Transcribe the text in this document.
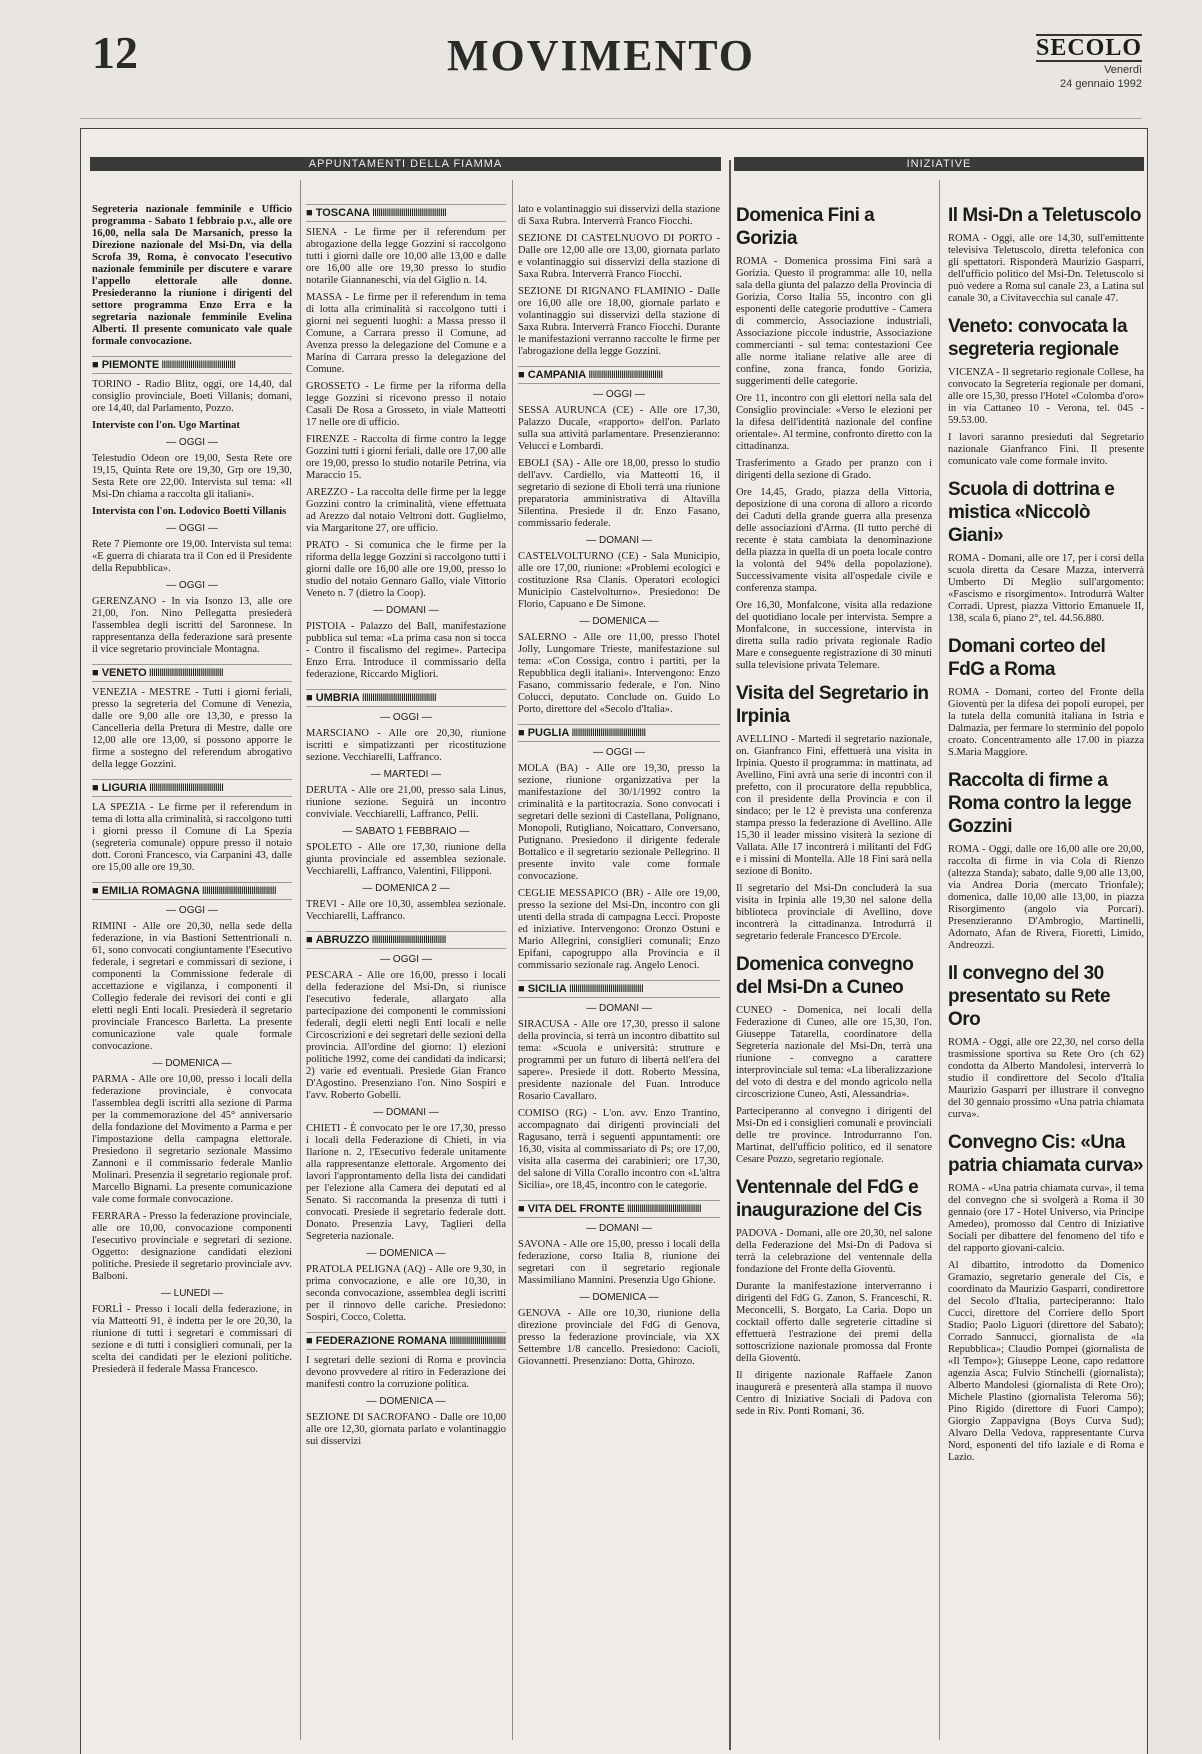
12	MOVIMENTO	SECOLO
Venerdì
24 gennaio 1992
APPUNTAMENTI DELLA FIAMMA	INIZIATIVE

Segreteria nazionale femminile e Ufficio programma - Sabato 1 febbraio p.v., alle ore 16,00, nella sala De Marsanich, presso la Direzione nazionale del Msi-Dn, via della Scrofa 39, Roma, è convocato l'esecutivo nazionale femminile per discutere e varare l'appello elettorale alle donne. Presiederanno la riunione i dirigenti del settore programma Enzo Erra e la segretaria nazionale femminile Evelina Alberti. Il presente comunicato vale quale formale convocazione.

■ PIEMONTE IIIIIIIIIIIIIIIIIIIIIIIIIIIIIIIIIIII

TORINO - Radio Blitz, oggi, ore 14,40, dal consiglio provinciale, Boeti Villanis; domani, ore 14,40, dal Parlamento, Pozzo.

Interviste con l'on. Ugo Martinat

— OGGI —

Telestudio Odeon ore 19,00, Sesta Rete ore 19,15, Quinta Rete ore 19,30, Grp ore 19,30, Sesta Rete ore 22,00. Intervista sul tema: «Il Msi-Dn chiama a raccolta gli italiani».

Intervista con l'on. Lodovico Boetti Villanis

— OGGI —

Rete 7 Piemonte ore 19,00. Intervista sul tema: «E guerra di chiarata tra il Con ed il Presidente della Repubblica».

— OGGI —

GERENZANO - In via Isonzo 13, alle ore 21,00, l'on. Nino Pellegatta presiederà l'assemblea degli iscritti del Saronnese. In rappresentanza della federazione sarà presente il vice segretario provinciale Montagna.

■ VENETO IIIIIIIIIIIIIIIIIIIIIIIIIIIIIIIIIIII

VENEZIA - MESTRE - Tutti i giorni feriali, presso la segreteria del Comune di Venezia, dalle ore 9,00 alle ore 13,30, e presso la Cancelleria della Pretura di Mestre, dalle ore 12,00 alle ore 13,00, si possono apporre le firme a sostegno del referendum abrogativo della legge Gozzini.

■ LIGURIA IIIIIIIIIIIIIIIIIIIIIIIIIIIIIIIIIIII

LA SPEZIA - Le firme per il referendum in tema di lotta alla criminalità, si raccolgono tutti i giorni presso il Comune di La Spezia (segreteria comunale) oppure presso il notaio dott. Coroni Francesco, via Carpanini 43, dalle ore 15,00 alle ore 19,30.

■ EMILIA ROMAGNA IIIIIIIIIIIIIIIIIIIIIIIIIIIIIIIIIIII
— OGGI —

RIMINI - Alle ore 20,30, nella sede della federazione, in via Bastioni Settentrionali n. 61, sono convocati congiuntamente l'Esecutivo federale, i segretari e commissari di sezione, i componenti la Commissione federale di accettazione e vigilanza, i componenti il Collegio federale dei revisori dei conti e gli eletti negli Enti locali. Presiederà il segretario provinciale Francesco Barletta. La presente comunicazione vale quale formale convocazione.

— DOMENICA —

PARMA - Alle ore 10,00, presso i locali della federazione provinciale, è convocata l'assemblea degli iscritti alla sezione di Parma per la commemorazione del 45° anniversario della fondazione del Movimento a Parma e per l'impostazione della campagna elettorale. Presiedono il segretario sezionale Massimo Zannoni e il commissario federale Manlio Molinari. Presenzia il segretario regionale prof. Marcello Bignami. La presente comunicazione vale come formale convocazione.

FERRARA - Presso la federazione provinciale, alle ore 10,00, convocazione componenti l'esecutivo provinciale e segretari di sezione. Oggetto: designazione candidati elezioni politiche. Presiede il segretario provinciale avv. Balboni.

— LUNEDI —

FORLÌ - Presso i locali della federazione, in via Matteotti 91, è indetta per le ore 20,30, la riunione di tutti i segretari e commissari di sezione e di tutti i consiglieri comunali, per la scelta dei candidati per le elezioni politiche. Presiederà il federale Massa Francesco.

■ TOSCANA IIIIIIIIIIIIIIIIIIIIIIIIIIIIIIIIIIII

SIENA - Le firme per il referendum per abrogazione della legge Gozzini si raccolgono tutti i giorni dalle ore 10,00 alle 13,00 e dalle ore 16,00 alle ore 19,30 presso lo studio notarile Giannaneschi, via del Giglio n. 14.

MASSA - Le firme per il referendum in tema di lotta alla criminalità si raccolgono tutti i giorni nei seguenti luoghi: a Massa presso il Comune, a Carrara presso il Comune, ad Avenza presso la delegazione del Comune e a Marina di Carrara presso la delegazione del Comune.

GROSSETO - Le firme per la riforma della legge Gozzini si ricevono presso il notaio Casali De Rosa a Grosseto, in viale Matteotti 17 nelle ore di ufficio.

FIRENZE - Raccolta di firme contro la legge Gozzini tutti i giorni feriali, dalle ore 17,00 alle ore 19,00, presso lo studio notarile Petrina, via Maraccio 15.

AREZZO - La raccolta delle firme per la legge Gozzini contro la criminalità, viene effettuata ad Arezzo dal notaio Veltroni dott. Guglielmo, via Margaritone 27, ore ufficio.

PRATO - Si comunica che le firme per la riforma della legge Gozzini si raccolgono tutti i giorni dalle ore 16,00 alle ore 19,00, presso lo studio del notaio Gennaro Gallo, viale Vittorio Veneto n. 7 (dietro la Coop).

— DOMANI —

PISTOIA - Palazzo del Ball, manifestazione pubblica sul tema: «La prima casa non si tocca - Contro il fiscalismo del regime». Partecipa Enzo Erra. Introduce il commissario della federazione, Riccardo Migliori.

■ UMBRIA IIIIIIIIIIIIIIIIIIIIIIIIIIIIIIIIIIII
— OGGI —

MARSCIANO - Alle ore 20,30, riunione iscritti e simpatizzanti per ricostituzione sezione. Vecchiarelli, Laffranco.

— MARTEDI —

DERUTA - Alle ore 21,00, presso sala Linus, riunione sezione. Seguirà un incontro conviviale. Vecchiarelli, Laffranco, Pelli.

— SABATO 1 FEBBRAIO —

SPOLETO - Alle ore 17,30, riunione della giunta provinciale ed assemblea sezionale. Vecchiarelli, Laffranco, Valentini, Filipponi.

— DOMENICA 2 —

TREVI - Alle ore 10,30, assemblea sezionale. Vecchiarelli, Laffranco.

■ ABRUZZO IIIIIIIIIIIIIIIIIIIIIIIIIIIIIIIIIIII
— OGGI —

PESCARA - Alle ore 16,00, presso i locali della federazione del Msi-Dn, si riunisce l'esecutivo federale, allargato alla partecipazione dei componenti le commissioni federali, degli eletti negli Enti locali e nelle Circoscrizioni e dei segretari delle sezioni della provincia. All'ordine del giorno: 1) elezioni politiche 1992, come dei candidati da indicarsi; 2) varie ed eventuali. Presiede Gian Franco D'Agostino. Presenziano l'on. Nino Sospiri e l'avv. Roberto Gobelli.

— DOMANI —

CHIETI - È convocato per le ore 17,30, presso i locali della Federazione di Chieti, in via Ilarione n. 2, l'Esecutivo federale unitamente alla rappresentanze elettorale. Argomento dei lavori l'approntamento della lista dei candidati per l'elezione alla Camera dei deputati ed al Senato. Si raccomanda la presenza di tutti i convocati. Presiede il segretario federale dott. Donato. Presenzia Lavy, Taglieri della Segreteria nazionale.

— DOMENICA —

PRATOLA PELIGNA (AQ) - Alle ore 9,30, in prima convocazione, e alle ore 10,30, in seconda convocazione, assemblea degli iscritti per il rinnovo delle cariche. Presiedono: Sospiri, Cocco, Coletta.

■ FEDERAZIONE ROMANA IIIIIIIIIIIIIIIIIIIIIIIIIIIIIIIIIIII

I segretari delle sezioni di Roma e provincia devono provvedere al ritiro in Federazione dei manifesti contro la corruzione politica.

— DOMENICA —

SEZIONE DI SACROFANO - Dalle ore 10,00 alle ore 12,30, giornata parlato e volantinaggio sui disservizi

lato e volantinaggio sui disservizi della stazione di Saxa Rubra. Interverrà Franco Fiocchi.

SEZIONE DI CASTELNUOVO DI PORTO - Dalle ore 12,00 alle ore 13,00, giornata parlato e volantinaggio sui disservizi della stazione di Saxa Rubra. Interverrà Franco Fiocchi.

SEZIONE DI RIGNANO FLAMINIO - Dalle ore 16,00 alle ore 18,00, giornale parlato e volantinaggio sui disservizi della stazione di Saxa Rubra. Interverrà Franco Fiocchi. Durante le manifestazioni verranno raccolte le firme per l'abrogazione della legge Gozzini.

■ CAMPANIA IIIIIIIIIIIIIIIIIIIIIIIIIIIIIIIIIIII
— OGGI —

SESSA AURUNCA (CE) - Alle ore 17,30, Palazzo Ducale, «rapporto» dell'on. Parlato sulla sua attività parlamentare. Presenzieranno: Velucci e Lombardi.

EBOLI (SA) - Alle ore 18,00, presso lo studio dell'avv. Cardiello, via Matteotti 16, il segretario di sezione di Eboli terrà una riunione preparatoria amministrativa di Altavilla Silentina. Presiede il dr. Enzo Fasano, commissario federale.

— DOMANI —

CASTELVOLTURNO (CE) - Sala Municipio, alle ore 17,00, riunione: «Problemi ecologici e costituzione Rsa Clanis. Operatori ecologici Municipio Castelvolturno». Presiedono: De Florio, Capuano e De Simone.

— DOMENICA —

SALERNO - Alle ore 11,00, presso l'hotel Jolly, Lungomare Trieste, manifestazione sul tema: «Con Cossiga, contro i partiti, per la Repubblica degli italiani». Intervengono: Enzo Fasano, commissario federale, e l'on. Nino Colucci, deputato. Conclude on. Guido Lo Porto, direttore del «Secolo d'Italia».

■ PUGLIA IIIIIIIIIIIIIIIIIIIIIIIIIIIIIIIIIIII
— OGGI —

MOLA (BA) - Alle ore 19,30, presso la sezione, riunione organizzativa per la manifestazione del 30/1/1992 contro la criminalità e la partitocrazia. Sono convocati i segretari delle sezioni di Castellana, Polignano, Monopoli, Rutigliano, Noicattaro, Conversano, Putignano. Presiedono il dirigente federale Bottalico e il segretario sezionale Pellegrino. Il presente invito vale come formale convocazione.

CEGLIE MESSAPICO (BR) - Alle ore 19,00, presso la sezione del Msi-Dn, incontro con gli utenti della strada di campagna Lecci. Proposte ed iniziative. Intervengono: Oronzo Ostuni e Mario Allegrini, consiglieri comunali; Enzo Epifani, capogruppo alla Provincia e il commissario sezionale rag. Angelo Lenoci.

■ SICILIA IIIIIIIIIIIIIIIIIIIIIIIIIIIIIIIIIIII
— DOMANI —

SIRACUSA - Alle ore 17,30, presso il salone della provincia, si terrà un incontro dibattito sul tema: «Scuola e università: strutture e programmi per un futuro di libertà nell'era del sapere». Presiede il dott. Roberto Messina, presidente nazionale del Fuan. Introduce Rosario Cavallaro.

COMISO (RG) - L'on. avv. Enzo Trantino, accompagnato dai dirigenti provinciali del Ragusano, terrà i seguenti appuntamenti: ore 16,30, visita al commissariato di Ps; ore 17,00, visita alla caserma dei carabinieri; ore 17,30, del salone di Villa Corallo incontro con «L'altra Sicilia», ore 18,45, incontro con le categorie.

■ VITA DEL FRONTE IIIIIIIIIIIIIIIIIIIIIIIIIIIIIIIIIIII
— DOMANI —

SAVONA - Alle ore 15,00, presso i locali della federazione, corso Italia 8, riunione dei segretari con il segretario regionale Massimiliano Mannini. Presenzia Ugo Ghione.

— DOMENICA —

GENOVA - Alle ore 10,30, riunione della direzione provinciale del FdG di Genova, presso la federazione provinciale, via XX Settembre 1/8 cancello. Presiedono: Cacioli, Giovannetti. Presenziano: Dotta, Ghirozo.

Domenica Fini a Gorizia

ROMA - Domenica prossima Fini sarà a Gorizia. Questo il programma: alle 10, nella sala della giunta del palazzo della Provincia di Gorizia, Corso Italia 55, incontro con gli esponenti delle categorie produttive - Camera di commercio, Associazione industriali, Associazione piccole industrie, Associazione commercianti - sul tema: contestazioni Cee alle norme italiane relative alle aree di confine, zona franca, fondo Gorizia, suggerimenti delle categorie.

Ore 11, incontro con gli elettori nella sala del Consiglio provinciale: «Verso le elezioni per la difesa dell'identità nazionale del confine orientale». Al termine, confronto diretto con la cittadinanza.

Trasferimento a Grado per pranzo con i dirigenti della sezione di Grado.

Ore 14,45, Grado, piazza della Vittoria, deposizione di una corona di alloro a ricordo dei Caduti della grande guerra alla presenza delle associazioni d'Arma. (Il tutto perché di recente è stata cambiata la denominazione della piazza in quella di un poeta locale contro la volontà del 94% della popolazione). Successivamente visita all'ospedale civile e conferenza stampa.

Ore 16,30, Monfalcone, visita alla redazione del quotidiano locale per intervista. Sempre a Monfalcone, in successione, intervista in diretta sulla radio privata regionale Radio Mare e conseguente registrazione di 30 minuti sulla televisione privata Telemare.

Visita del Segretario in Irpinia

AVELLINO - Martedì il segretario nazionale, on. Gianfranco Fini, effettuerà una visita in Irpinia. Questo il programma: in mattinata, ad Avellino, Fini avrà una serie di incontri con il prefetto, con il procuratore della repubblica, con il presidente della Provincia e con il sindaco; per le 12 è prevista una conferenza stampa presso la federazione di Avellino. Alle 15,30 il leader missino visiterà la sezione di Vallata. Alle 17 incontrerà i militanti del FdG e i missini di Montella. Alle 18 Fini sarà nella sezione di Bonito.

Il segretario del Msi-Dn concluderà la sua visita in Irpinia alle 19,30 nel salone della biblioteca provinciale di Avellino, dove incontrerà la cittadinanza. Introdurrà il segretario federale Francesco D'Ercole.

Domenica convegno del Msi-Dn a Cuneo

CUNEO - Domenica, nei locali della Federazione di Cuneo, alle ore 15,30, l'on. Giuseppe Tatarella, coordinatore della Segreteria nazionale del Msi-Dn, terrà una riunione - convegno a carattere interprovinciale sul tema: «La liberalizzazione del voto di destra e del mondo agricolo nella circoscrizione Cuneo, Asti, Alessandria».

Parteciperanno al convegno i dirigenti del Msi-Dn ed i consiglieri comunali e provinciali delle tre province. Introdurranno l'on. Martinat, dell'ufficio politico, ed il senatore Cesare Pozzo, segretario regionale.

Ventennale del FdG e inaugurazione del Cis

PADOVA - Domani, alle ore 20,30, nel salone della Federazione del Msi-Dn di Padova si terrà la celebrazione del ventennale della fondazione del Fronte della Gioventù.

Durante la manifestazione interverranno i dirigenti del FdG G. Zanon, S. Franceschi, R. Meconcelli, S. Borgato, La Caria. Dopo un cocktail offerto dalle segreterie cittadine si effettuerà l'estrazione dei premi della sottoscrizione nazionale promossa dal Fronte della Gioventù.

Il dirigente nazionale Raffaele Zanon inaugurerà e presenterà alla stampa il nuovo Centro di Iniziative Sociali di Padova con sede in Riv. Ponti Romani, 36.

Il Msi-Dn a Teletuscolo

ROMA - Oggi, alle ore 14,30, sull'emittente televisiva Teletuscolo, diretta telefonica con gli spettatori. Risponderà Maurizio Gasparri, dell'ufficio politico del Msi-Dn. Teletuscolo si può vedere a Roma sul canale 23, a Latina sul canale 30, a Civitavecchia sul canale 47.

Veneto: convocata la segreteria regionale

VICENZA - Il segretario regionale Collese, ha convocato la Segreteria regionale per domani, alle ore 15,30, presso l'Hotel «Colomba d'oro» in via Cattaneo 10 - Verona, tel. 045 - 59.53.00.

I lavori saranno presieduti dal Segretario nazionale Gianfranco Fini. Il presente comunicato vale come formale invito.

Scuola di dottrina e mistica «Niccolò Giani»

ROMA - Domani, alle ore 17, per i corsi della scuola diretta da Cesare Mazza, interverrà Umberto Di Meglio sull'argomento: «Fascismo e risorgimento». Introdurrà Walter Corradi. Uprest, piazza Vittorio Emanuele II, 138, scala 6, piano 2°, tel. 44.56.880.

Domani corteo del FdG a Roma

ROMA - Domani, corteo del Fronte della Gioventù per la difesa dei popoli europei, per la tutela della comunità italiana in Istria e Dalmazia, per fermare lo sterminio del popolo croato. Concentramento alle 17.00 in piazza S.Maria Maggiore.

Raccolta di firme a Roma contro la legge Gozzini

ROMA - Oggi, dalle ore 16,00 alle ore 20,00, raccolta di firme in via Cola di Rienzo (altezza Standa); sabato, dalle 9,00 alle 13,00, via Andrea Doria (mercato Trionfale); domenica, dalle 10,00 alle 13,00, in piazza Risorgimento (angolo via Porcari). Presenzieranno D'Ambrogio, Martinelli, Adornato, Afan de Rivera, Fiorettì, Limido, Andreozzi.

Il convegno del 30 presentato su Rete Oro

ROMA - Oggi, alle ore 22,30, nel corso della trasmissione sportiva su Rete Oro (ch 62) condotta da Alberto Mandolesi, interverrà lo studio il condirettore del Secolo d'Italia Maurizio Gasparri per illustrare il convegno del 30 gennaio prossimo «Una patria chiamata curva».

Convegno Cis: «Una patria chiamata curva»

ROMA - «Una patria chiamata curva», il tema del convegno che si svolgerà a Roma il 30 gennaio (ore 17 - Hotel Universo, via Principe Amedeo), promosso dal Centro di Iniziative Sociali per dibattere del fenomeno del tifo e del rapporto giovani-calcio.

Al dibattito, introdotto da Domenico Gramazio, segretario generale del Cis, e coordinato da Maurizio Gasparri, condirettore del Secolo d'Italia, parteciperanno: Italo Cucci, direttore del Corriere dello Sport Stadio; Paolo Liguori (direttore del Sabato); Corrado Sannucci, giornalista de «la Repubblica»; Claudio Pompei (giornalista de «Il Tempo»); Giuseppe Leone, capo redattore agenzia Asca; Fulvio Stinchelli (giornalista); Alberto Mandolesi (giornalista di Rete Oro); Michele Plastino (giornalista Teleroma 56); Pino Rigido (direttore di Fuori Campo); Giorgio Zappavigna (Boys Curva Sud); Alvaro Della Vedova, rappresentante Curva Nord, esponenti del tifo laziale e di Roma e Lazio.
